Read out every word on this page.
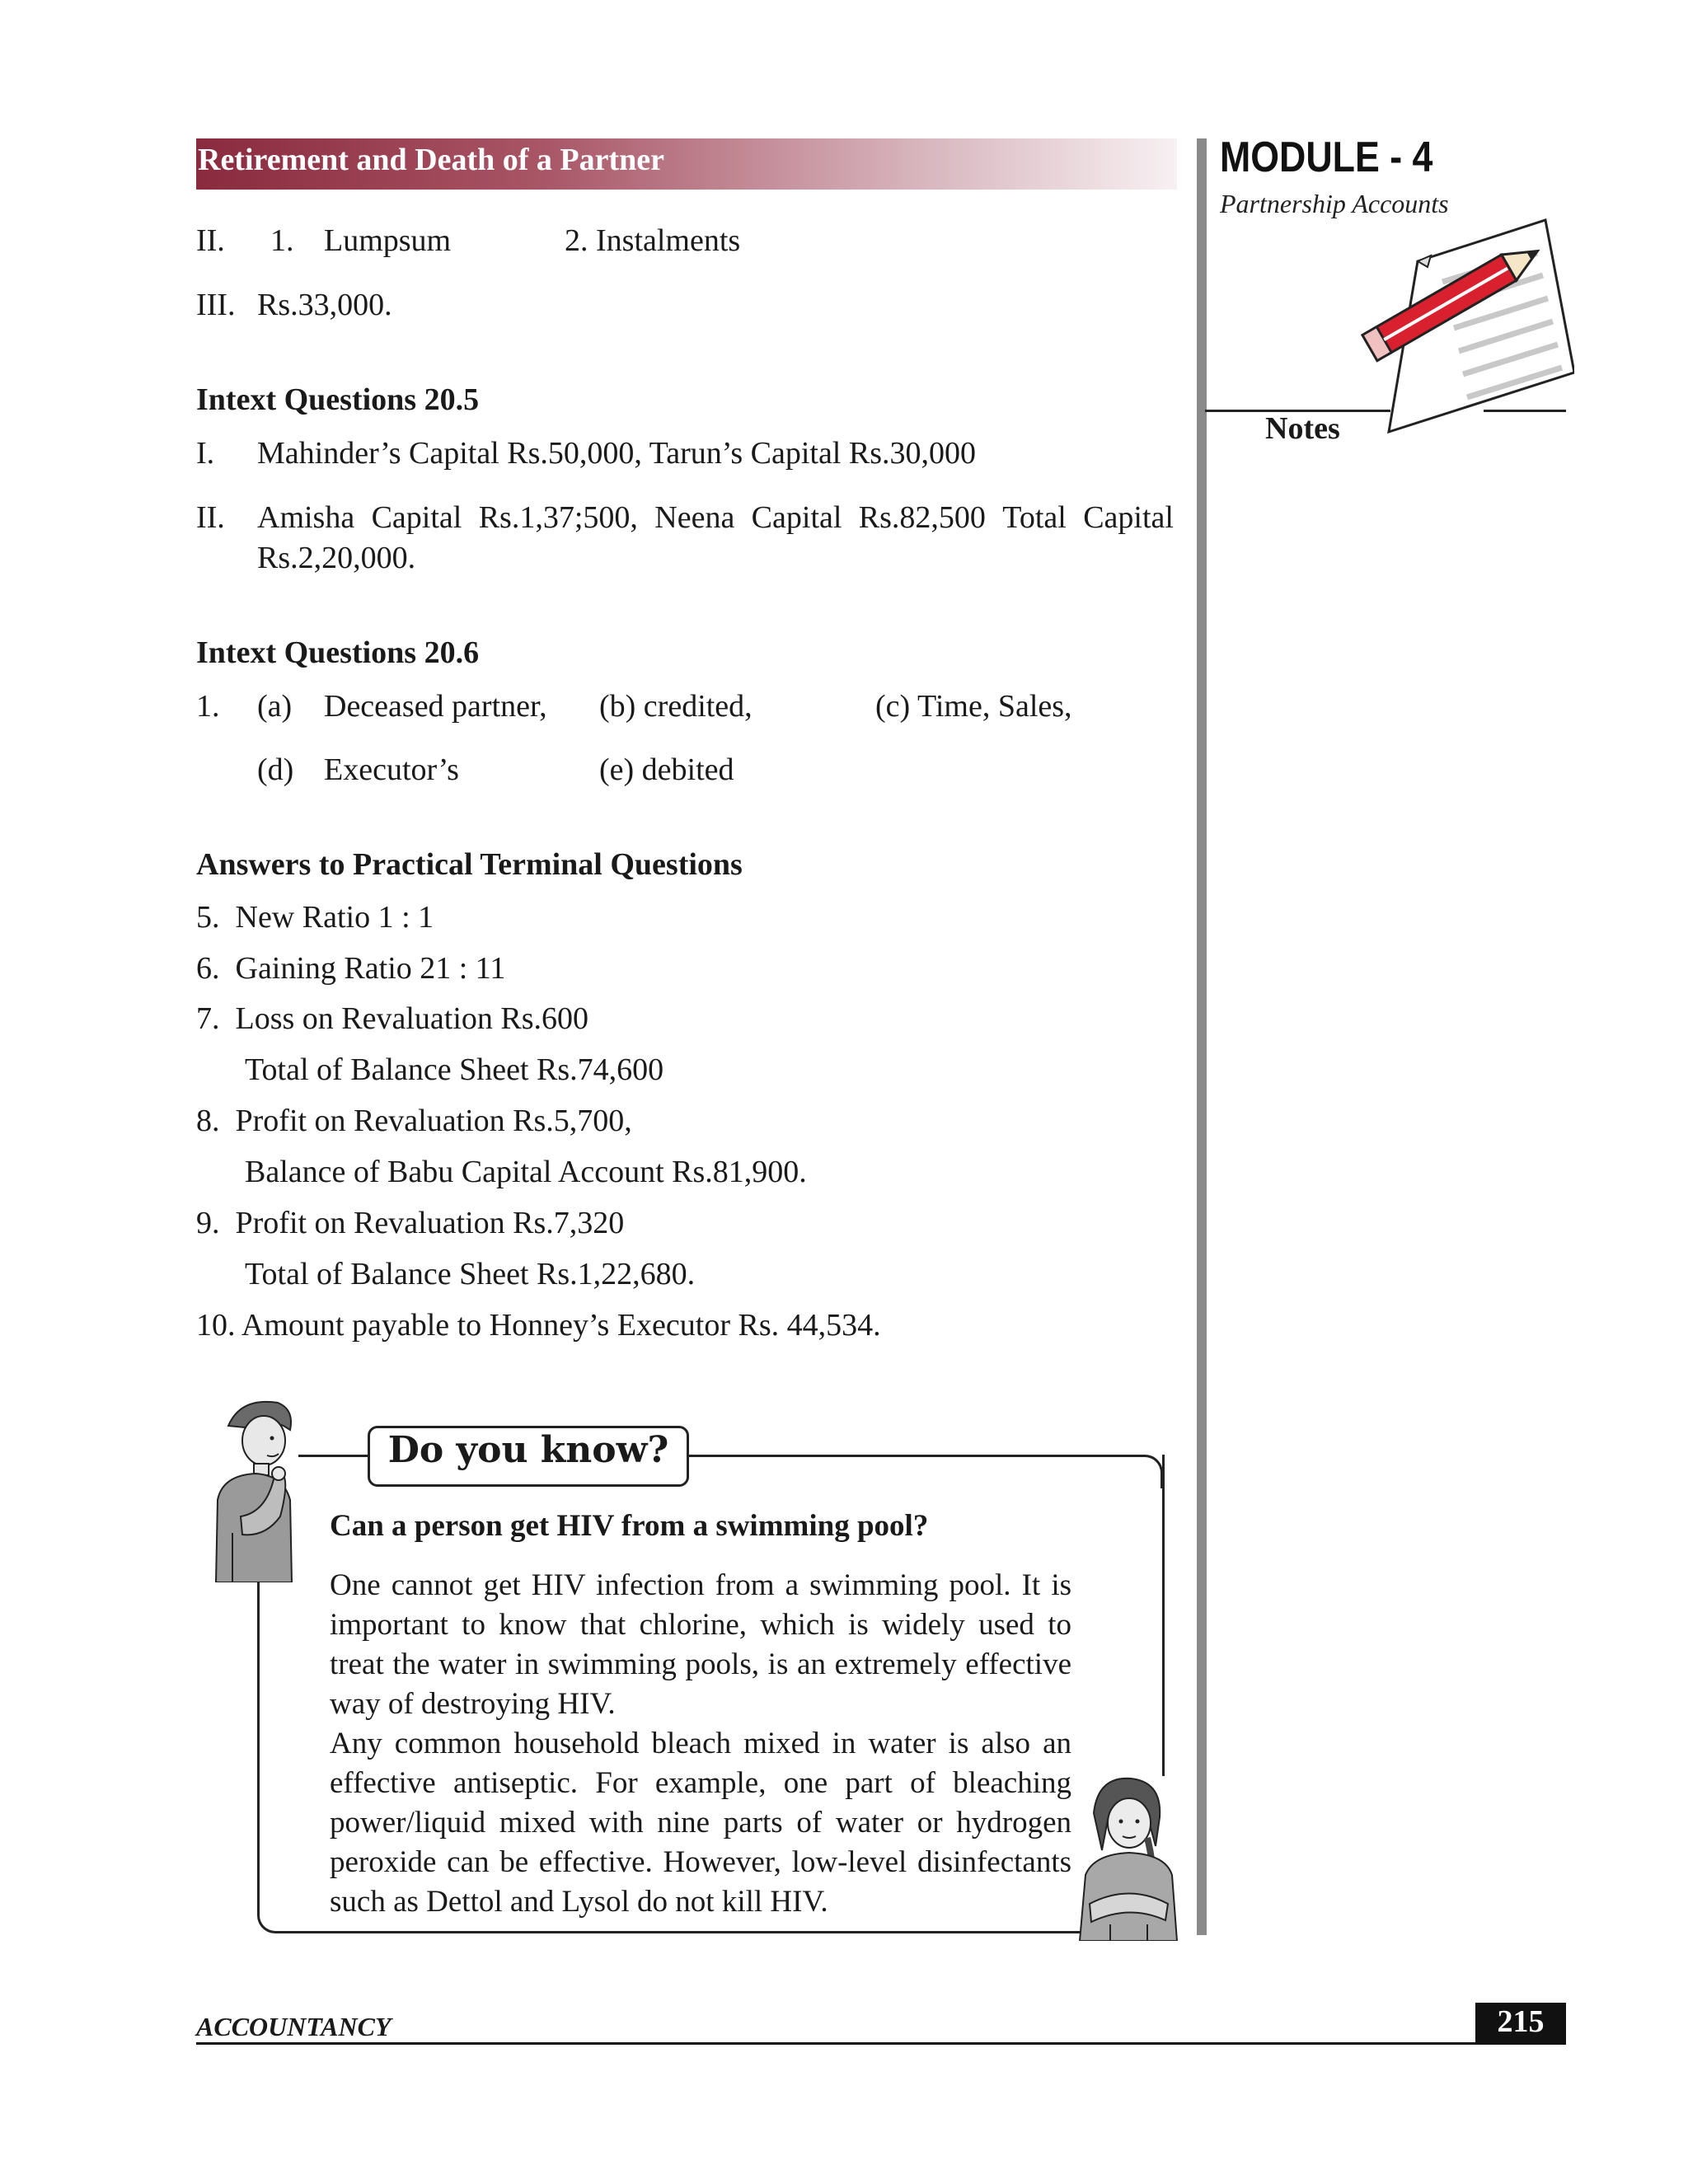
Retirement and Death of a Partner	MODULE - 4
Partnership Accounts
Notes
II. 1. Lumpsum	2. Instalments
III. Rs.33,000.
Intext Questions 20.5
I. Mahinder’s Capital Rs.50,000, Tarun’s Capital Rs.30,000
II. Amisha Capital Rs.1,37;500, Neena Capital Rs.82,500 Total Capital
Rs.2,20,000.
Intext Questions 20.6
1. (a) Deceased partner, (b) credited,	(c) Time, Sales,
(d) Executor’s	(e) debited
Answers to Practical Terminal Questions
5.  New Ratio 1 : 1
6.  Gaining Ratio 21 : 11
7.  Loss on Revaluation Rs.600
Total of Balance Sheet Rs.74,600
8.  Profit on Revaluation Rs.5,700,
Balance of Babu Capital Account Rs.81,900.
9.  Profit on Revaluation Rs.7,320
Total of Balance Sheet Rs.1,22,680.
10. Amount payable to Honney’s Executor Rs. 44,534.
Do you know?
Can a person get HIV from a swimming pool?
One cannot get HIV infection from a swimming pool. It is
important to know that chlorine, which is widely used to
treat the water in swimming pools, is an extremely effective
way of destroying HIV.
Any common household bleach mixed in water is also an
effective antiseptic. For example, one part of bleaching
power/liquid mixed with nine parts of water or hydrogen
peroxide can be effective. However, low-level disinfectants
such as Dettol and Lysol do not kill HIV.
ACCOUNTANCY	215
